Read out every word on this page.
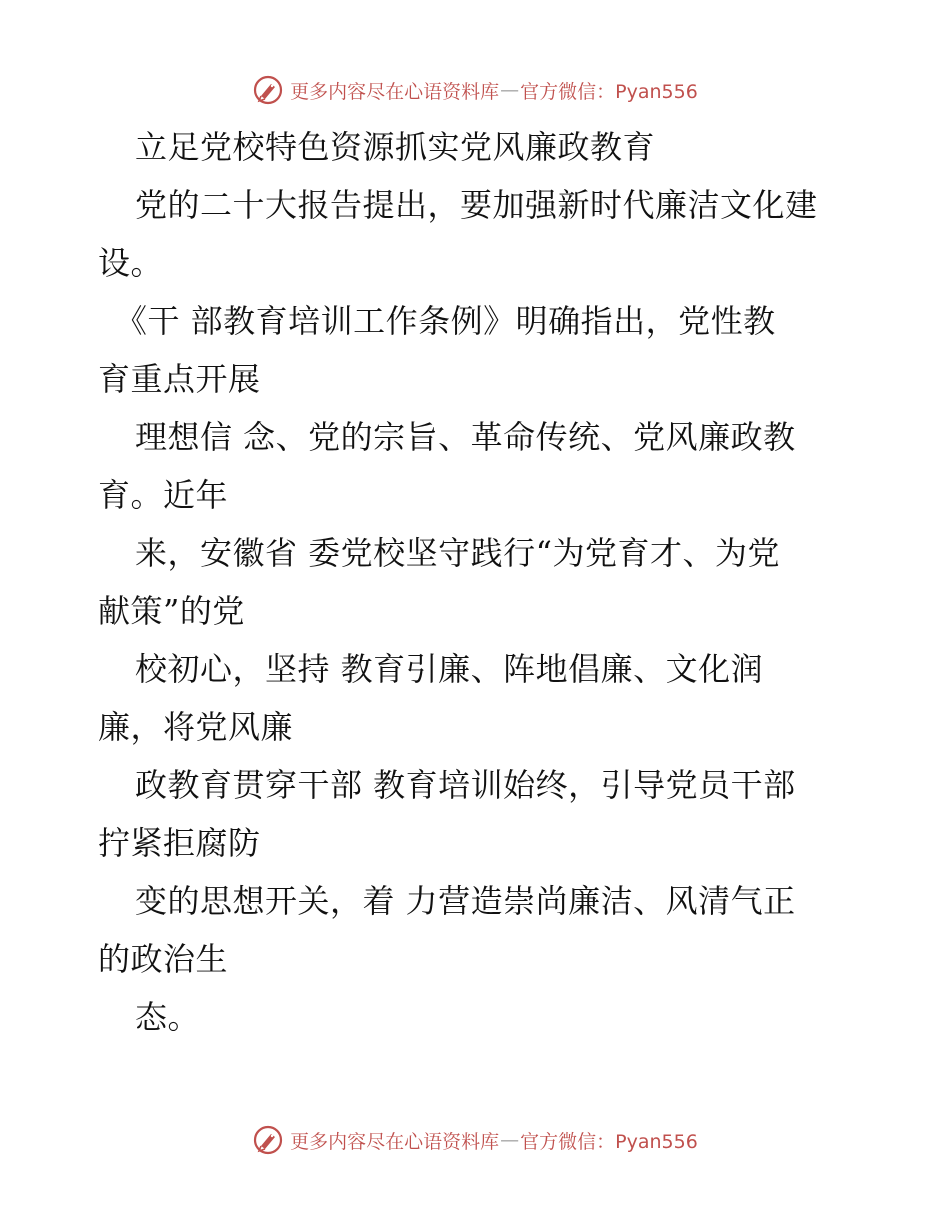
更多内容尽在心语资料库 — 官方微信：Pyan556
立足党校特色资源抓实党风廉政教育
党的二十大报告提出，要加强新时代廉洁文化建
设。
《干 部教育培训工作条例》明确指出，党性教
育重点开展
理想信 念、党的宗旨、革命传统、党风廉政教
育。近年
来，安徽省 委党校坚守践行“为党育才、为党
献策”的党
校初心，坚持 教育引廉、阵地倡廉、文化润
廉，将党风廉
政教育贯穿干部 教育培训始终，引导党员干部
拧紧拒腐防
变的思想开关，着 力营造崇尚廉洁、风清气正
的政治生
态。
更多内容尽在心语资料库 — 官方微信：Pyan556
